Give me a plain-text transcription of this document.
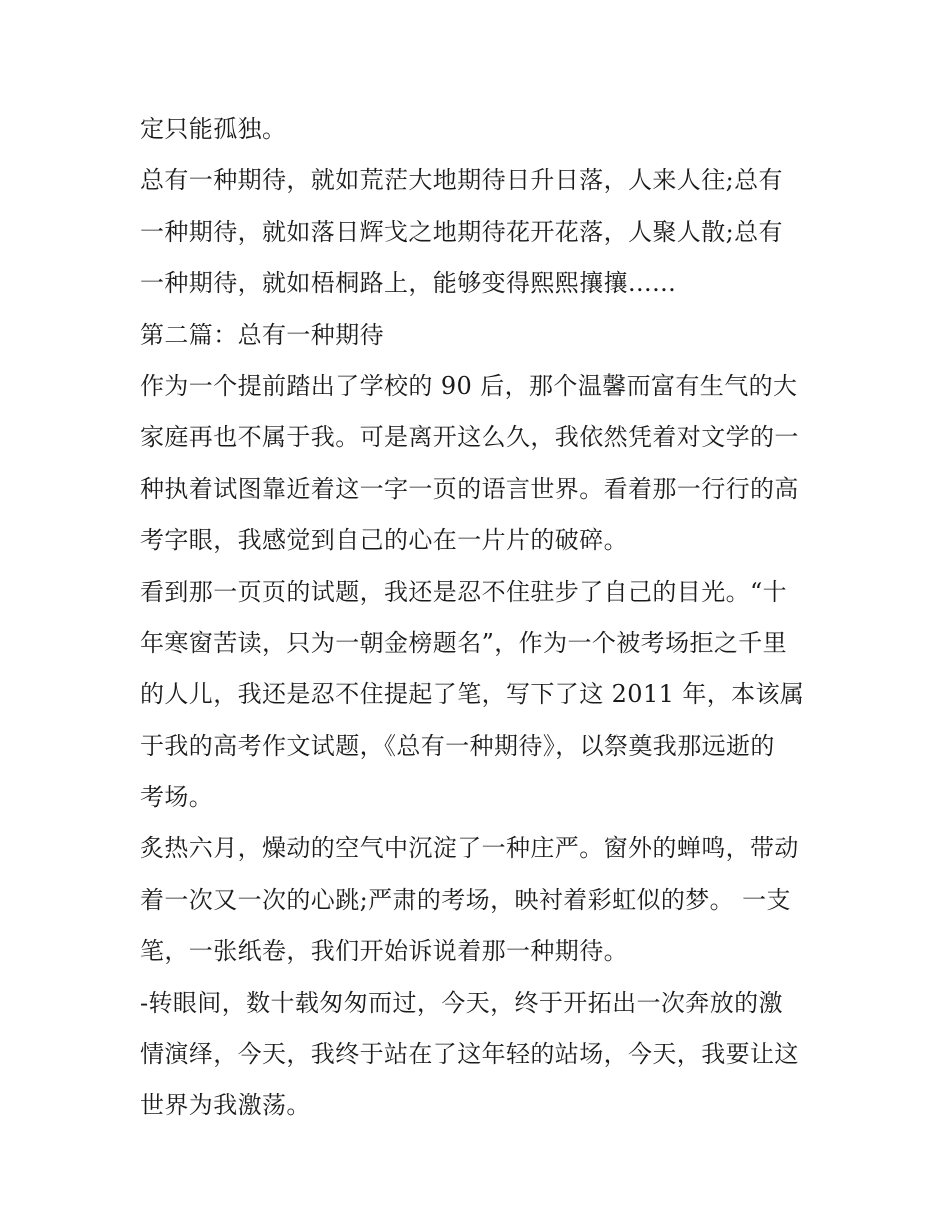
定只能孤独。
总有一种期待，就如荒茫大地期待日升日落，人来人往;总有
一种期待，就如落日辉戈之地期待花开花落，人聚人散;总有
一种期待，就如梧桐路上，能够变得熙熙攘攘......
第二篇：总有一种期待
作为一个提前踏出了学校的 90 后，那个温馨而富有生气的大
家庭再也不属于我。可是离开这么久，我依然凭着对文学的一
种执着试图靠近着这一字一页的语言世界。看着那一行行的高
考字眼，我感觉到自己的心在一片片的破碎。
看到那一页页的试题，我还是忍不住驻步了自己的目光。“十
年寒窗苦读，只为一朝金榜题名”，作为一个被考场拒之千里
的人儿，我还是忍不住提起了笔，写下了这 2011 年，本该属
于我的高考作文试题，《总有一种期待》，以祭奠我那远逝的
考场。
炙热六月，燥动的空气中沉淀了一种庄严。窗外的蝉鸣，带动
着一次又一次的心跳;严肃的考场，映衬着彩虹似的梦。 一支
笔，一张纸卷，我们开始诉说着那一种期待。
-转眼间，数十载匆匆而过，今天，终于开拓出一次奔放的激
情演绎，今天，我终于站在了这年轻的站场，今天，我要让这
世界为我激荡。
